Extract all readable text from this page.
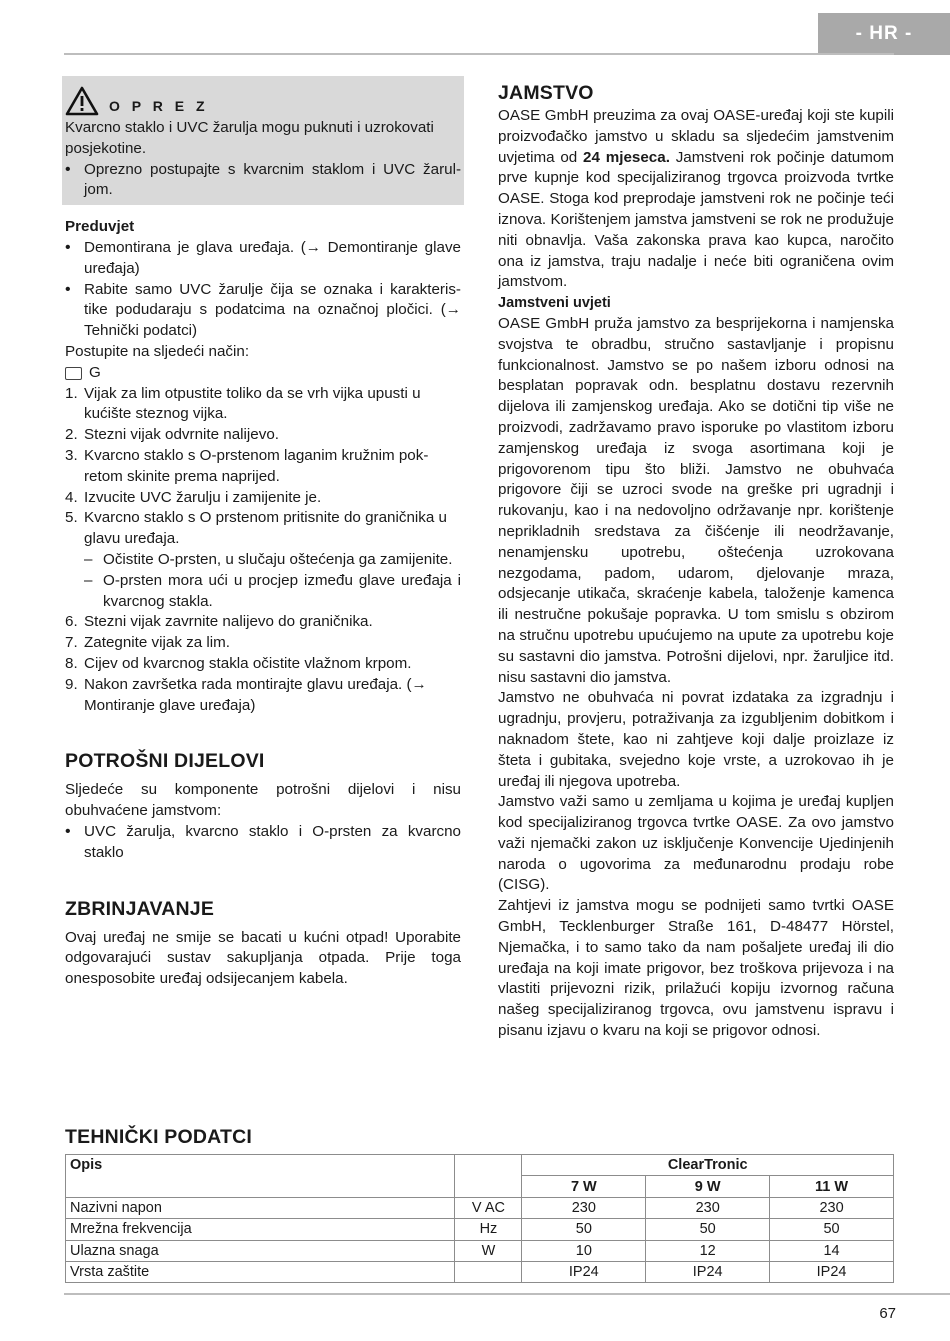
- HR -
O P R E Z

Kvarcno staklo i UVC žarulja mogu puknuti i uzrokovati posjekotine.

• Oprezno postupajte s kvarcnim staklom i UVC žarul-jom.

Preduvjet

• Demontirana je glava uređaja. (→ Demontiranje glave uređaja)
• Rabite samo UVC žarulje čija se oznaka i karakteris-tike podudaraju s podatcima na označnoj pločici. (→ Tehnički podatci)

Postupite na sljedeći način:

G
1. Vijak za lim otpustite toliko da se vrh vijka upusti u kućište steznog vijka.
2. Stezni vijak odvrnite nalijevo.
3. Kvarcno staklo s O-prstenom laganim kružnim pok-retom skinite prema naprijed.
4. Izvucite UVC žarulju i zamijenite je.
5. Kvarcno staklo s O prstenom pritisnite do graničnika u glavu uređaja.
– Očistite O-prsten, u slučaju oštećenja ga zamijenite.
– O-prsten mora ući u procjep između glave uređaja i kvarcnog stakla.
6. Stezni vijak zavrnite nalijevo do graničnika.
7. Zategnite vijak za lim.
8. Cijev od kvarcnog stakla očistite vlažnom krpom.
9. Nakon završetka rada montirajte glavu uređaja. (→ Montiranje glave uređaja)
POTROŠNI DIJELOVI

Sljedeće su komponente potrošni dijelovi i nisu obuhvaćene jamstvom:

• UVC žarulja, kvarcno staklo i O-prsten za kvarcno staklo
ZBRINJAVANJE

Ovaj uređaj ne smije se bacati u kućni otpad! Uporabite odgovarajući sustav sakupljanja otpada. Prije toga onesposobite uređaj odsijecanjem kabela.

JAMSTVO

OASE GmbH preuzima za ovaj OASE-uređaj koji ste kupili proizvođačko jamstvo u skladu sa sljedećim jamstvenim uvjetima od 24 mjeseca. Jamstveni rok počinje datumom prve kupnje kod specijaliziranog trgovca proizvoda tvrtke OASE. Stoga kod preprodaje jamstveni rok ne počinje teći iznova. Korištenjem jamstva jamstveni se rok ne produžuje niti obnavlja. Vaša zakonska prava kao kupca, naročito ona iz jamstva, traju nadalje i neće biti ograničena ovim jamstvom.

Jamstveni uvjeti

OASE GmbH pruža jamstvo za besprijekorna i namjenska svojstva te obradbu, stručno sastavljanje i propisnu funkcionalnost. Jamstvo se po našem izboru odnosi na besplatan popravak odn. besplatnu dostavu rezervnih dijelova ili zamjenskog uređaja. Ako se dotični tip više ne proizvodi, zadržavamo pravo isporuke po vlastitom izboru zamjenskog uređaja iz svoga asortimana koji je prigovorenom tipu što bliži. Jamstvo ne obuhvaća prigovore čiji se uzroci svode na greške pri ugradnji i rukovanju, kao i na nedovoljno održavanje npr. korištenje neprikladnih sredstava za čišćenje ili neodržavanje, nenamjensku upotrebu, oštećenja uzrokovana nezgodama, padom, udarom, djelovanje mraza, odsjecanje utikača, skraćenje kabela, taloženje kamenca ili nestručne pokušaje popravka. U tom smislu s obzirom na stručnu upotrebu upućujemo na upute za upotrebu koje su sastavni dio jamstva. Potrošni dijelovi, npr. žaruljice itd. nisu sastavni dio jamstva.

Jamstvo ne obuhvaća ni povrat izdataka za izgradnju i ugradnju, provjeru, potraživanja za izgubljenim dobitkom i naknadom štete, kao ni zahtjeve koji dalje proizlaze iz šteta i gubitaka, svejedno koje vrste, a uzrokovao ih je uređaj ili njegova upotreba.

Jamstvo važi samo u zemljama u kojima je uređaj kupljen kod specijaliziranog trgovca tvrtke OASE. Za ovo jamstvo važi njemački zakon uz isključenje Konvencije Ujedinjenih naroda o ugovorima za međunarodnu prodaju robe (CISG).

Zahtjevi iz jamstva mogu se podnijeti samo tvrtki OASE GmbH, Tecklenburger Straße 161, D-48477 Hörstel, Njemačka, i to samo tako da nam pošaljete uređaj ili dio uređaja na koji imate prigovor, bez troškova prijevoza i na vlastiti prijevozni rizik, prilažući kopiju izvornog računa našeg specijaliziranog trgovca, ovu jamstvenu ispravu i pisanu izjavu o kvaru na koji se prigovor odnosi.

TEHNIČKI PODATCI
Opis		ClearTronic		
		7 W	9 W	11 W
Nazivni napon	V AC	230	230	230
Mrežna frekvencija	Hz	50	50	50
Ulazna snaga	W	10	12	14
Vrsta zaštite		IP24	IP24	IP24
67
